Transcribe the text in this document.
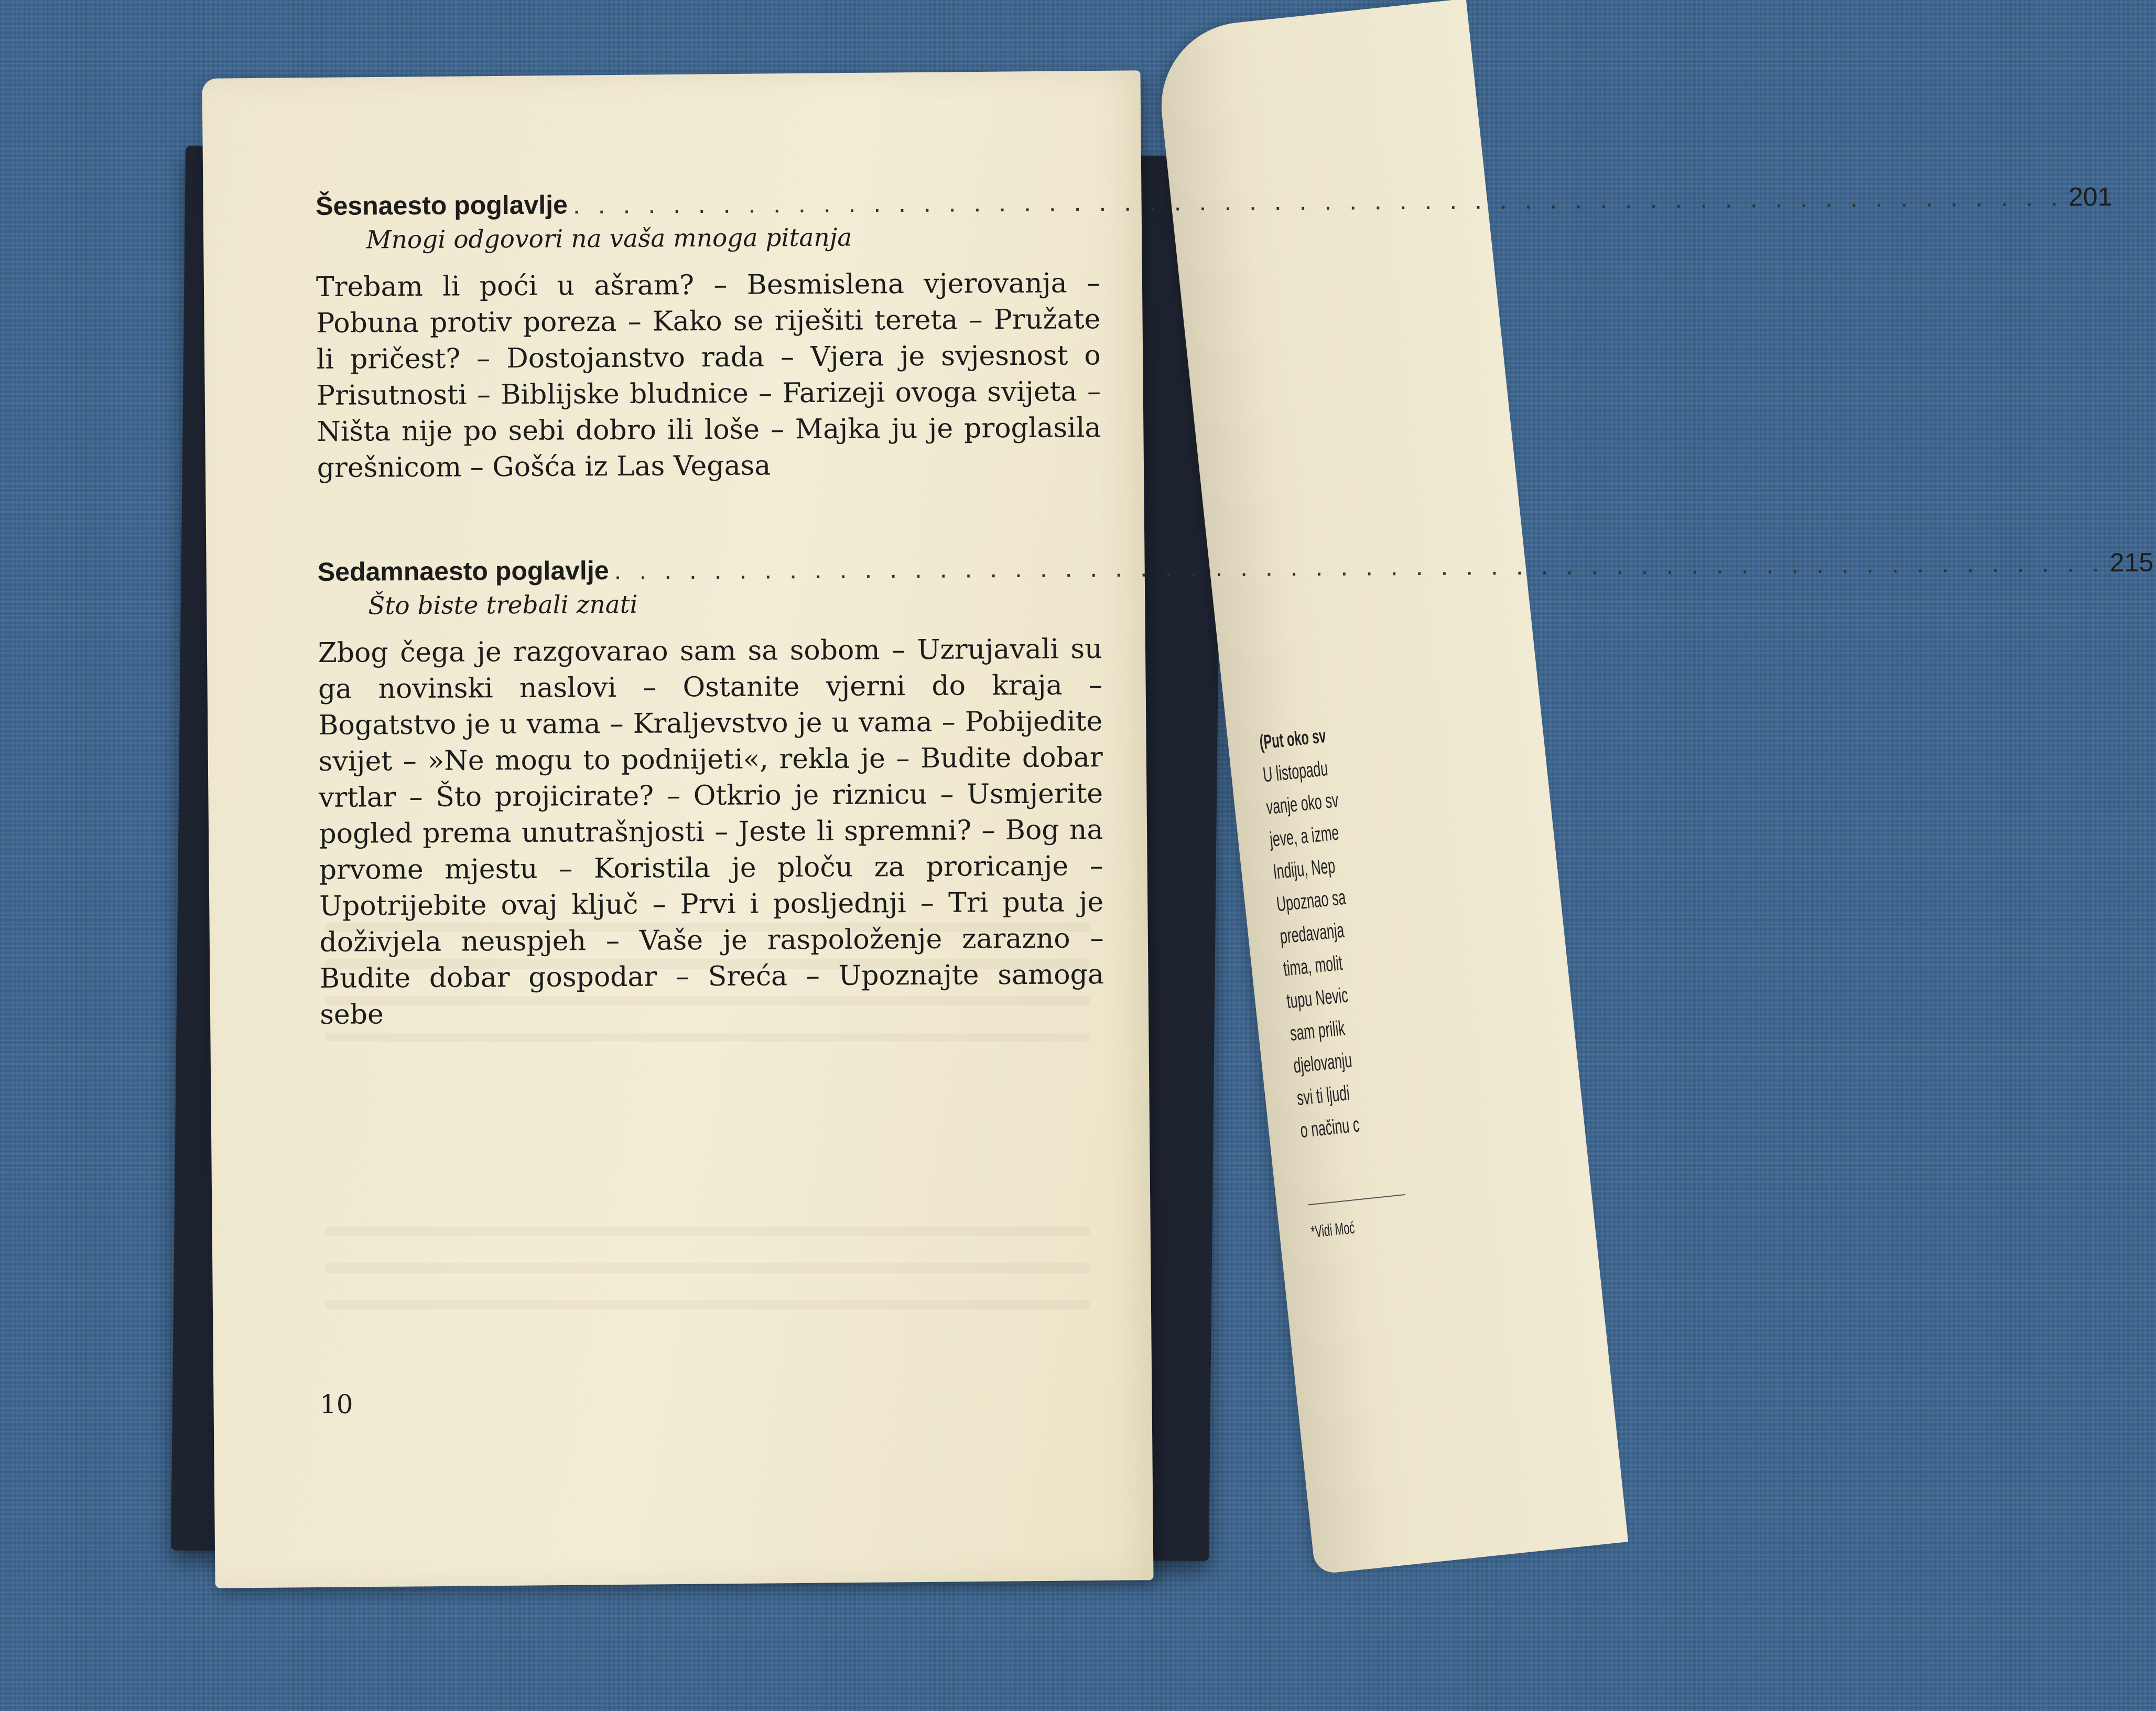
(Put oko sv
U listopadu
vanje oko sv
jeve, a izme
Indiju, Nep
Upoznao sa
predavanja
tima, molit
tupu Nevic
sam prilik
djelovanju
svi ti ljudi
o načinu c
*Vidi Moć
Šesnaesto poglavlje . . .	201
Mnogi odgovori na vaša mnoga pitanja

Trebam li poći u ašram? – Besmislena vjerovanja – Pobuna protiv poreza – Kako se riješiti tereta – Pružate li pričest? – Dostojanstvo rada – Vjera je svjesnost o Prisutnosti – Biblijske bludnice – Farizeji ovoga svijeta – Ništa nije po sebi dobro ili loše – Majka ju je proglasila grešnicom – Gošća iz Las Vegasa

Sedamnaesto poglavlje . . .	215
Što biste trebali znati

Zbog čega je razgovarao sam sa sobom – Uzrujavali su ga novinski naslovi – Ostanite vjerni do kraja – Bogatstvo je u vama – Kraljevstvo je u vama – Pobijedite svijet – »Ne mogu to podnijeti«, rekla je – Budite dobar vrtlar – Što projicirate? – Otkrio je riznicu – Usmjerite pogled prema unutrašnjosti – Jeste li spremni? – Bog na prvome mjestu – Koristila je ploču za proricanje – Upotrijebite ovaj ključ – Prvi i posljednji – Tri puta je doživjela neuspjeh – Vaše je raspoloženje zarazno – Budite dobar gospodar – Sreća – Upoznajte samoga sebe

10
